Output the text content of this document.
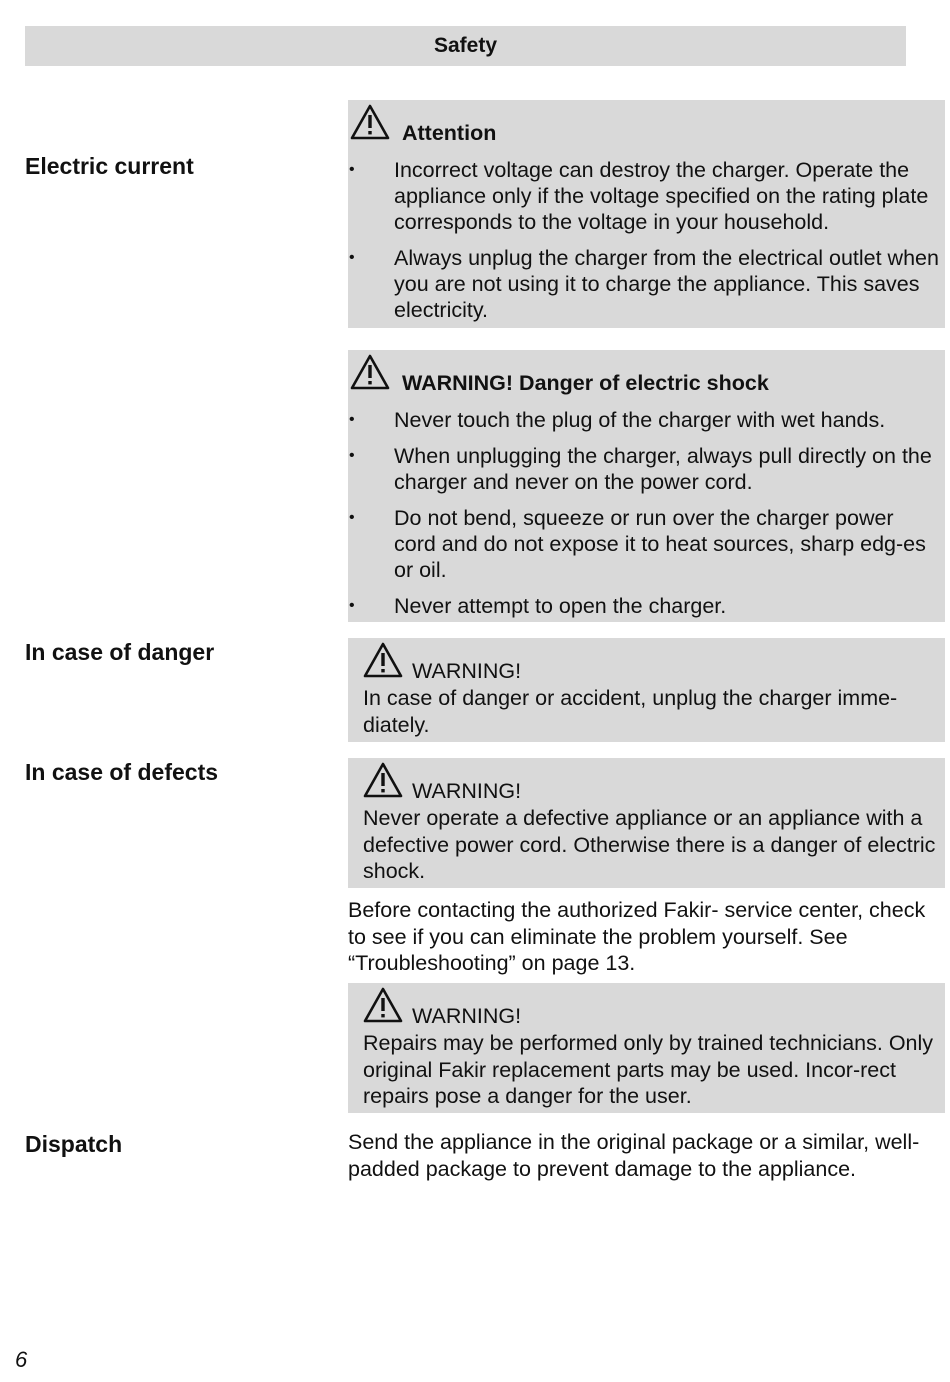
Safety
Electric current
In case of danger
In case of defects
Dispatch
Attention
• Incorrect voltage can destroy the charger. Operate the appliance only if the voltage specified on the rating plate corresponds to the voltage in your household.
• Always unplug the charger from the electrical outlet when you are not using it to charge the appliance. This saves electricity.
WARNING! Danger of electric shock
• Never touch the plug of the charger with wet hands.
• When unplugging the charger, always pull directly on the charger and never on the power cord.
• Do not bend, squeeze or run over the charger power cord and do not expose it to heat sources, sharp edg-es or oil.
• Never attempt to open the charger.
WARNING!

In case of danger or accident, unplug the charger imme-diately.

WARNING!

Never operate a defective appliance or an appliance with a defective power cord. Otherwise there is a danger of electric shock.

Before contacting the authorized Fakir- service center, check to see if you can eliminate the problem yourself. See “Troubleshooting” on page 13.

WARNING!

Repairs may be performed only by trained technicians. Only original Fakir replacement parts may be used. Incor-rect repairs pose a danger for the user.

Send the appliance in the original package or a similar, well-padded package to prevent damage to the appliance.

6
